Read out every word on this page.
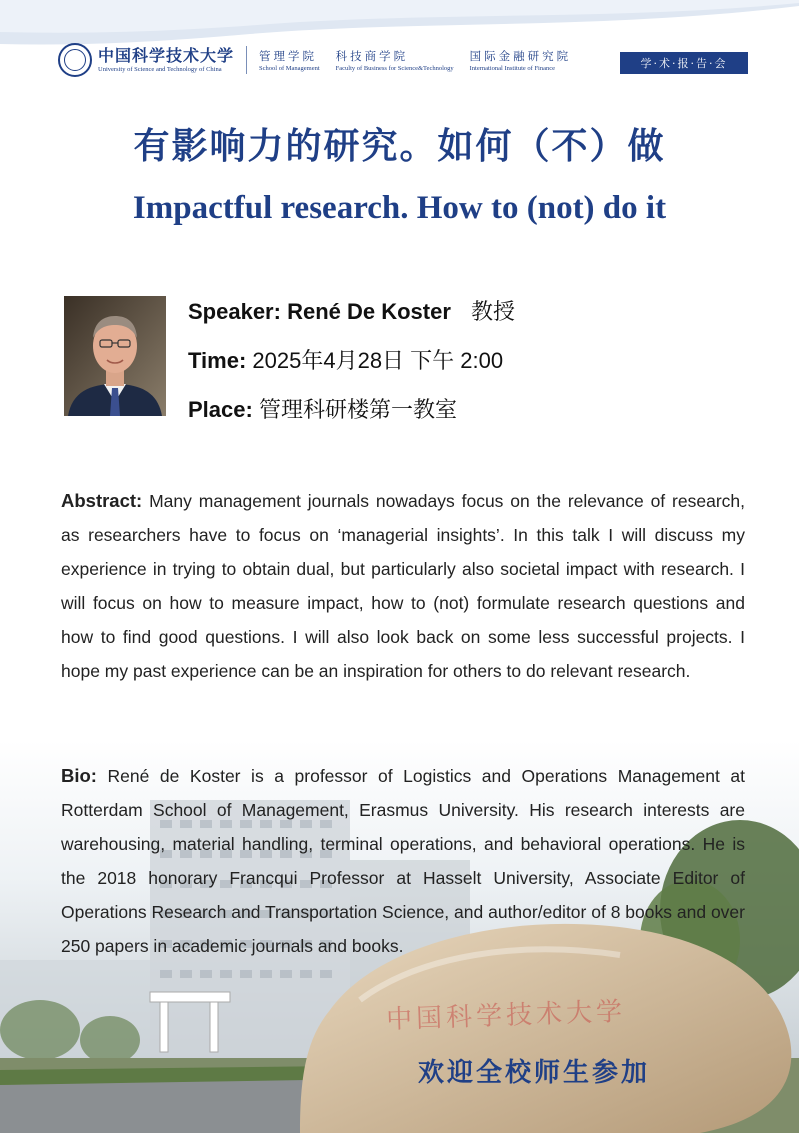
中国科学技术大学
University of Science and Technology of China
管理学院
School of Management
科技商学院
Faculty of Business for Science&Technology
国际金融研究院
International Institute of Finance	学·术·报·告·会
有影响力的研究。如何（不）做
Impactful research. How to (not) do it
Speaker: René De Koster 教授
Time: 2025年4月28日 下午 2:00
Place: 管理科研楼第一教室
中国科学技术大学
欢迎全校师生参加
Abstract: Many management journals nowadays focus on the relevance of research, as researchers have to focus on ‘managerial insights’. In this talk I will discuss my experience in trying to obtain dual, but particularly also societal impact with research. I will focus on how to measure impact, how to (not) formulate research questions and how to find good questions. I will also look back on some less successful projects. I hope my past experience can be an inspiration for others to do relevant research.
Bio: René de Koster is a professor of Logistics and Operations Management at Rotterdam School of Management, Erasmus University. His research interests are warehousing, material handling, terminal operations, and behavioral operations. He is the 2018 honorary Francqui Professor at Hasselt University, Associate Editor of Operations Research and Transportation Science, and author/editor of 8 books and over 250 papers in academic journals and books.
